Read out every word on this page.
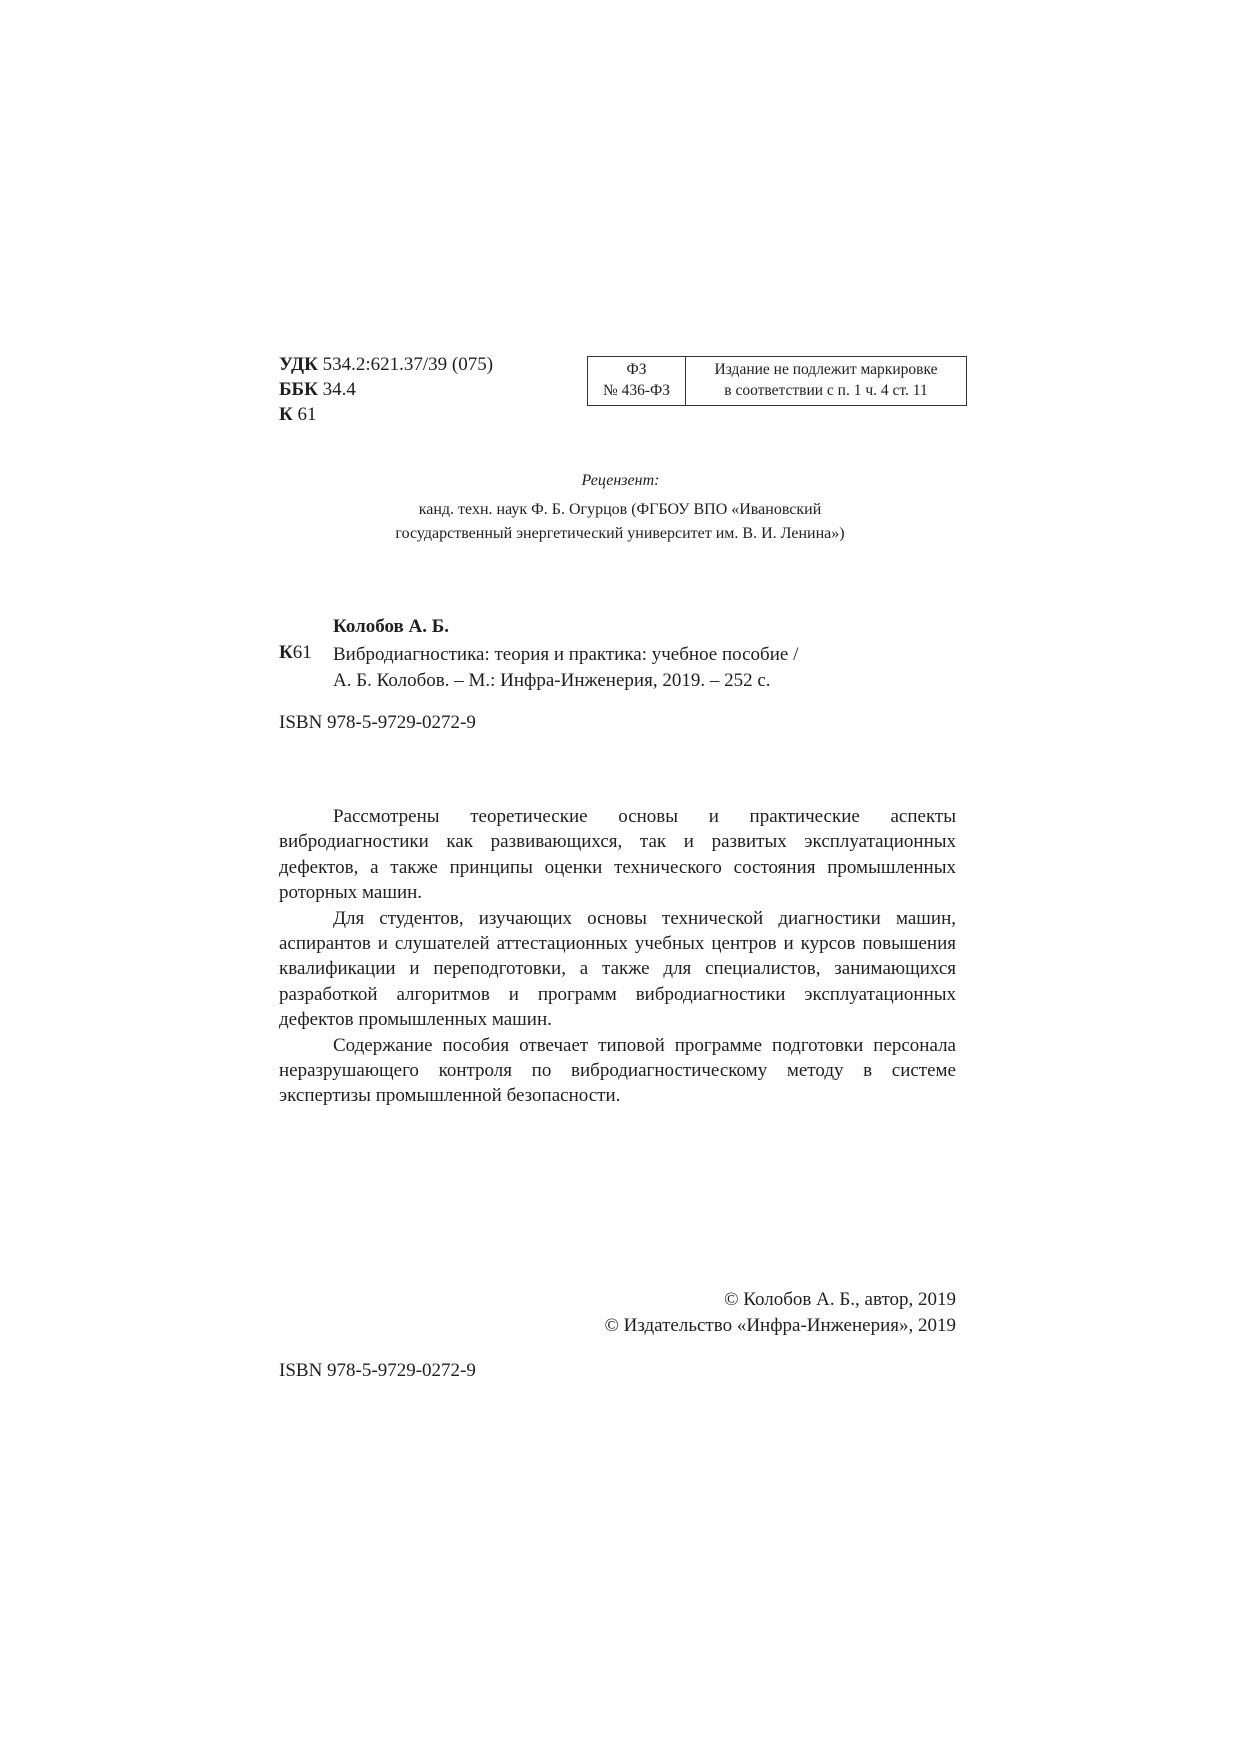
УДК 534.2:621.37/39 (075)
ББК 34.4
К 61
ФЗ
№ 436-ФЗ
Издание не подлежит маркировке
в соответствии с п. 1 ч. 4 ст. 11
Рецензент:
канд. техн. наук Ф. Б. Огурцов (ФГБОУ ВПО «Ивановский
государственный энергетический университет им. В. И. Ленина»)
Колобов А. Б.
К61 Вибродиагностика: теория и практика: учебное пособие /
А. Б. Колобов. – М.: Инфра-Инженерия, 2019. – 252 с.
ISBN 978-5-9729-0272-9

Рассмотрены теоретические основы и практические аспекты вибродиагностики как развивающихся, так и развитых эксплуатационных дефектов, а также принципы оценки технического состояния промышленных роторных машин.

Для студентов, изучающих основы технической диагностики машин, аспирантов и слушателей аттестационных учебных центров и курсов повышения квалификации и переподготовки, а также для специалистов, занимающихся разработкой алгоритмов и программ вибродиагностики эксплуатационных дефектов промышленных машин.

Содержание пособия отвечает типовой программе подготовки персонала неразрушающего контроля по вибродиагностическому методу в системе экспертизы промышленной безопасности.

© Колобов А. Б., автор, 2019
© Издательство «Инфра-Инженерия», 2019
ISBN 978-5-9729-0272-9
